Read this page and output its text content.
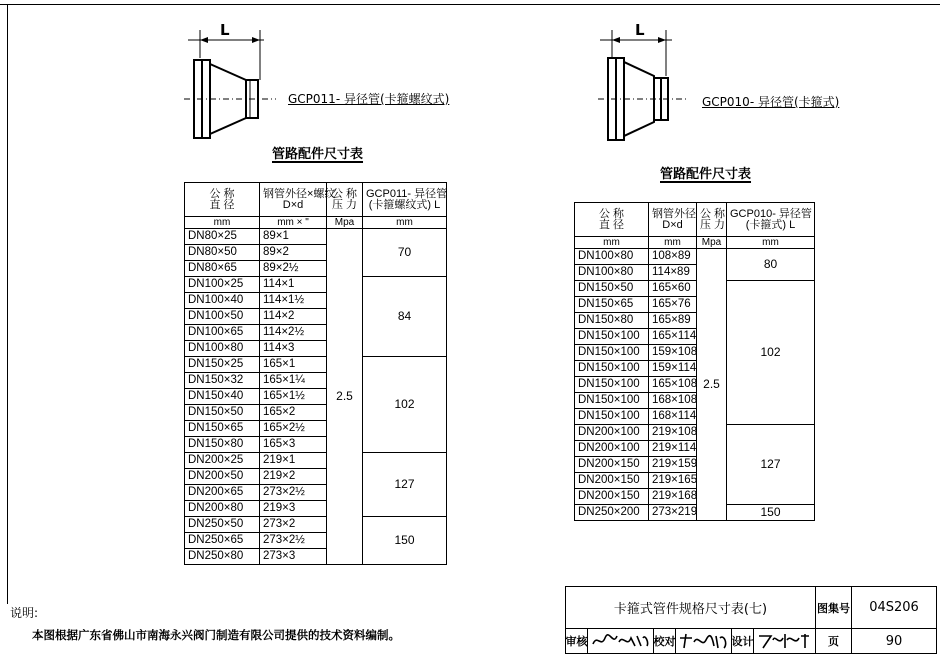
L
GCP011- 异径管(卡箍螺纹式)
管路配件尺寸表
公 称
直 径	钢管外径×螺纹
D×d	公 称
压 力	GCP011- 异径管
(卡箍螺纹式) L

mm	mm × "	Mpa	mm
DN80×25	89×1	2.5	70
DN80×50	89×2		
DN80×65	89×2½		
DN100×25	114×1		84
DN100×40	114×1½		
DN100×50	114×2		
DN100×65	114×2½		
DN100×80	114×3		
DN150×25	165×1		102
DN150×32	165×1¼		
DN150×40	165×1½		
DN150×50	165×2		
DN150×65	165×2½		
DN150×80	165×3		
DN200×25	219×1		127
DN200×50	219×2		
DN200×65	273×2½		
DN200×80	219×3		
DN250×50	273×2		150
DN250×65	273×2½		
DN250×80	273×3		
L
GCP010- 异径管(卡箍式)
管路配件尺寸表
公 称
直 径	钢管外径
D×d	公 称
压 力	GCP010- 异径管
(卡箍式) L

mm	mm	Mpa	mm
DN100×80	108×89	2.5	80
DN100×80	114×89		
DN150×50	165×60		102
DN150×65	165×76		
DN150×80	165×89		
DN150×100	165×114		
DN150×100	159×108		
DN150×100	159×114		
DN150×100	165×108		
DN150×100	168×108		
DN150×100	168×114		
DN200×100	219×108		127
DN200×100	219×114		
DN200×150	219×159		
DN200×150	219×165		
DN200×150	219×168		
DN250×200	273×219		150
说明:
本图根据广东省佛山市南海永兴阀门制造有限公司提供的技术资料编制。
卡箍式管件规格尺寸表(七)	图集号	04S206
审核	校对	设计	页	90
